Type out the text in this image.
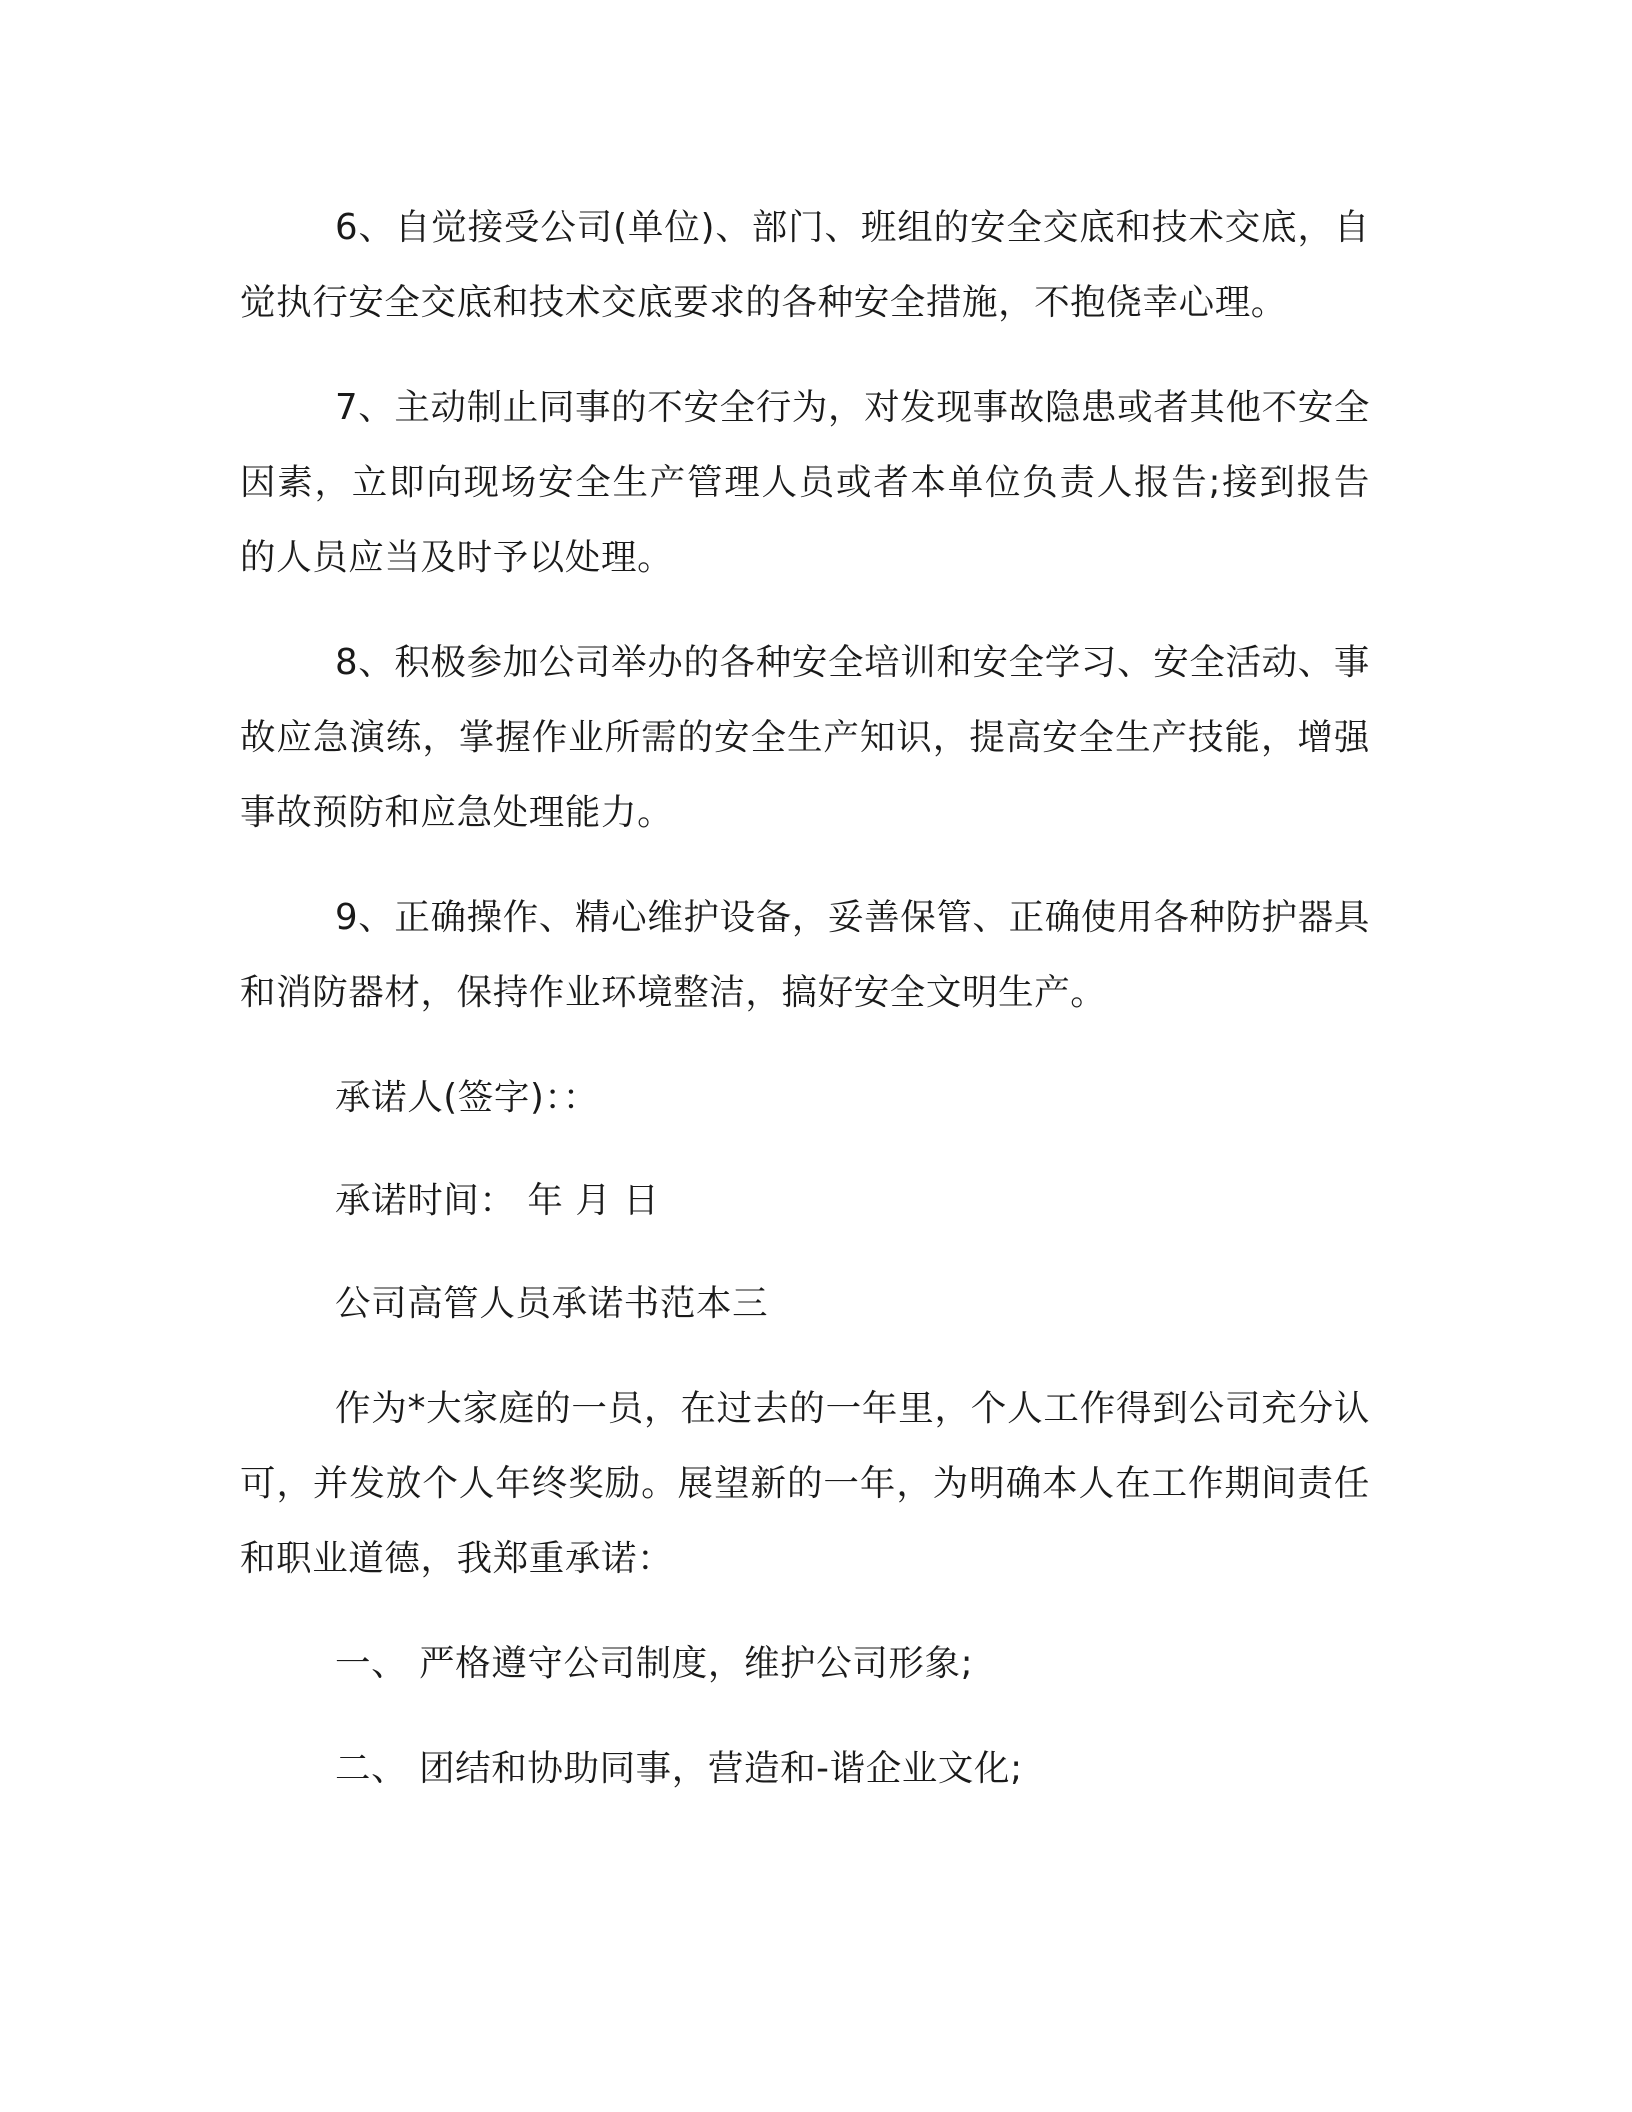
6、自觉接受公司(单位)、部门、班组的安全交底和技术交底，自觉执行安全交底和技术交底要求的各种安全措施，不抱侥幸心理。

7、主动制止同事的不安全行为，对发现事故隐患或者其他不安全因素，立即向现场安全生产管理人员或者本单位负责人报告;接到报告的人员应当及时予以处理。

8、积极参加公司举办的各种安全培训和安全学习、安全活动、事故应急演练，掌握作业所需的安全生产知识，提高安全生产技能，增强事故预防和应急处理能力。

9、正确操作、精心维护设备，妥善保管、正确使用各种防护器具和消防器材，保持作业环境整洁，搞好安全文明生产。

承诺人(签字)：：

承诺时间： 年 月 日

公司高管人员承诺书范本三

作为*大家庭的一员，在过去的一年里，个人工作得到公司充分认可，并发放个人年终奖励。展望新的一年，为明确本人在工作期间责任和职业道德，我郑重承诺：

一、 严格遵守公司制度，维护公司形象;

二、 团结和协助同事，营造和-谐企业文化;
